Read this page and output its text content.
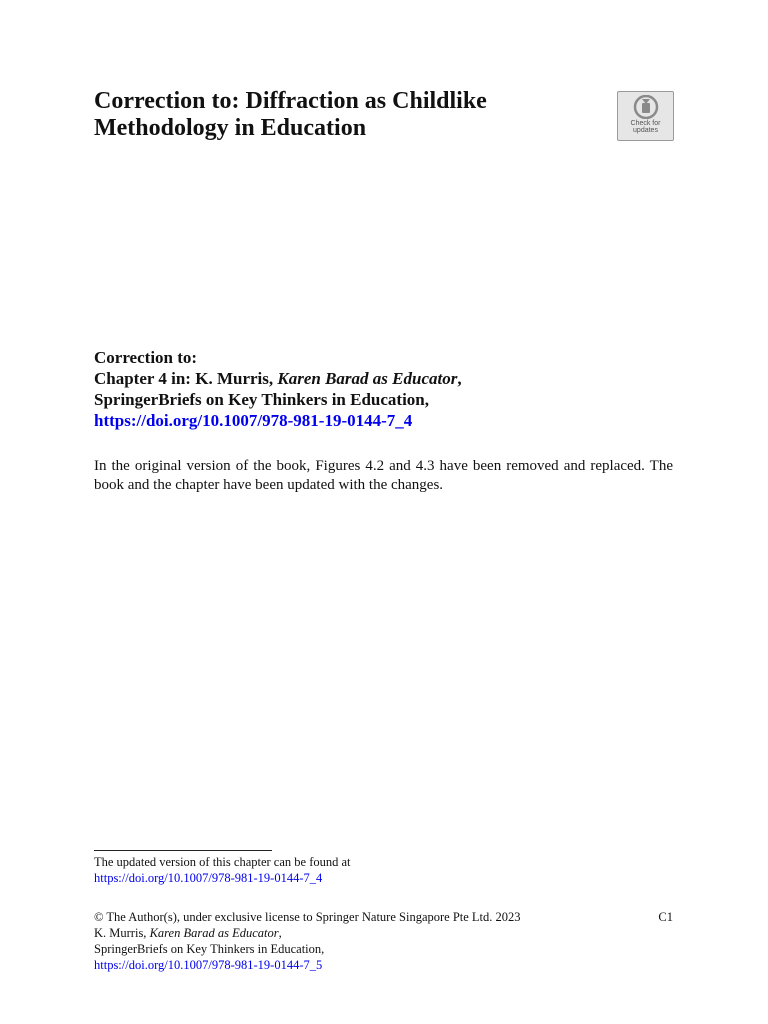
Correction to: Diffraction as Childlike
Methodology in Education	Check for
updates
Correction to:
Chapter 4 in: K. Murris, Karen Barad as Educator,
SpringerBriefs on Key Thinkers in Education,
https://doi.org/10.1007/978-981-19-0144-7_4

In the original version of the book, Figures 4.2 and 4.3 have been removed and replaced. The book and the chapter have been updated with the changes.

The updated version of this chapter can be found at
https://doi.org/10.1007/978-981-19-0144-7_4
© The Author(s), under exclusive license to Springer Nature Singapore Pte Ltd. 2023	C1
K. Murris, Karen Barad as Educator,
SpringerBriefs on Key Thinkers in Education,
https://doi.org/10.1007/978-981-19-0144-7_5
